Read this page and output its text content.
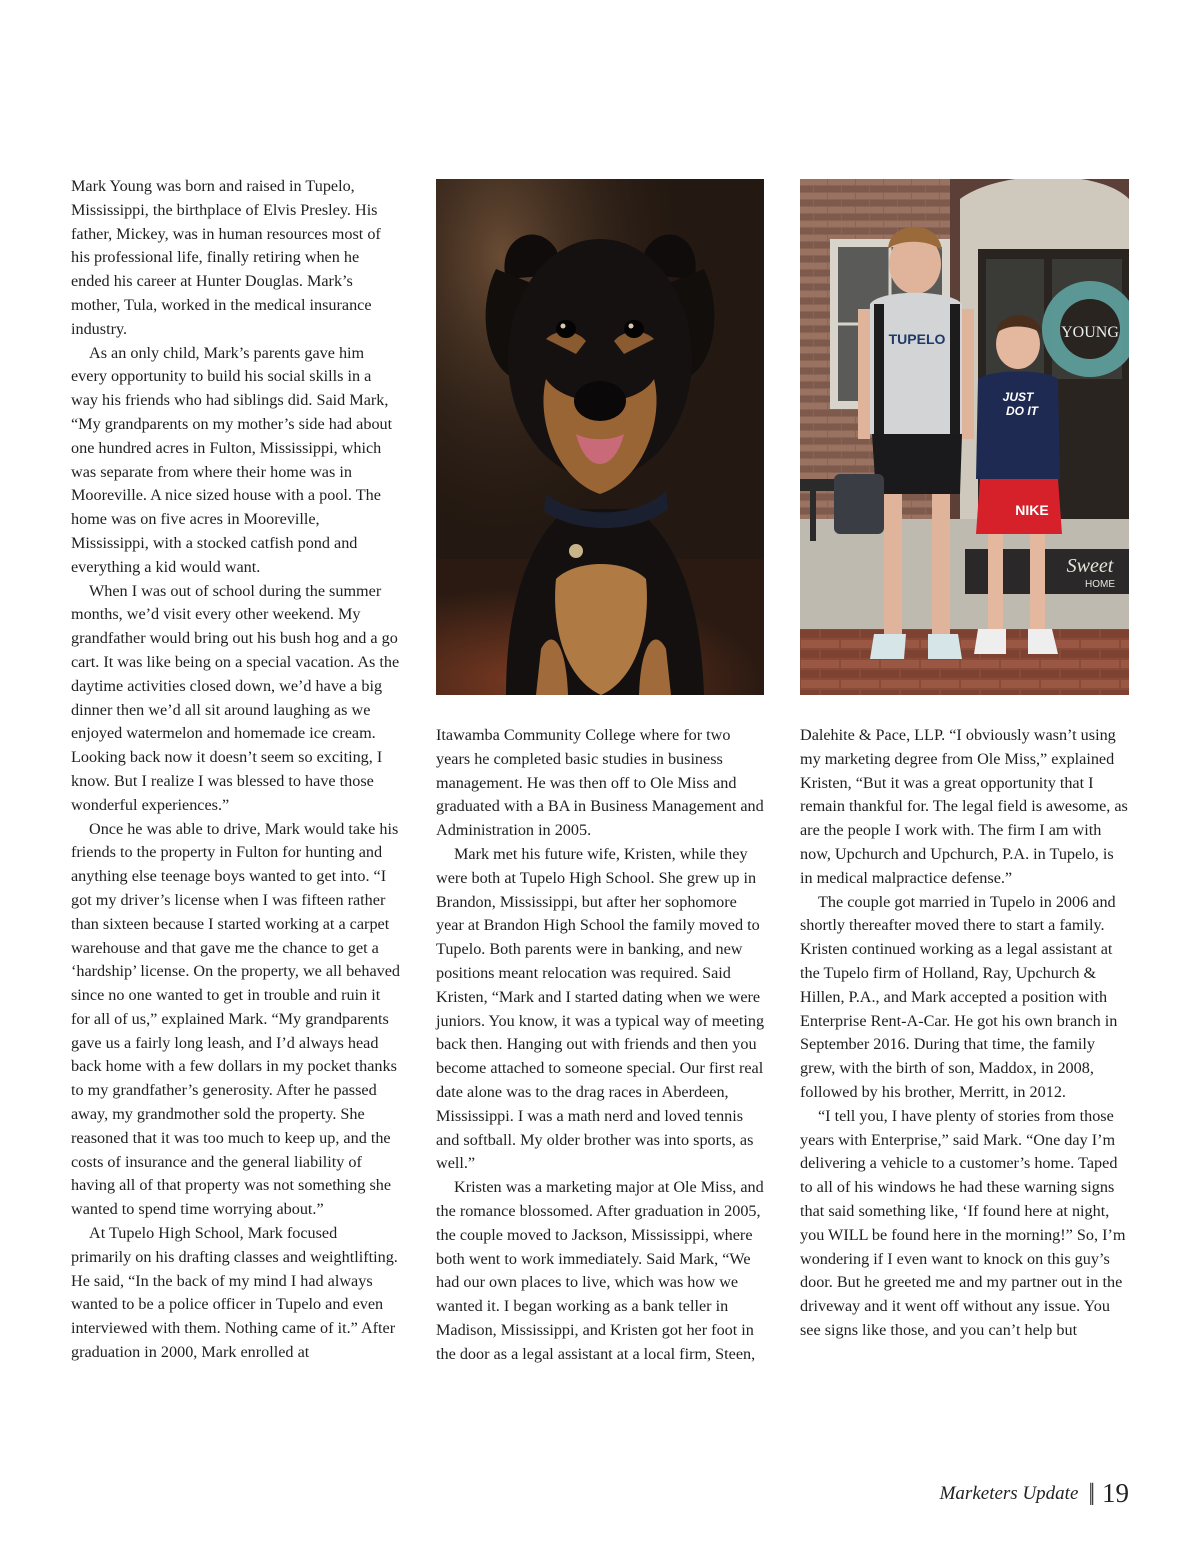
Mark Young was born and raised in Tupelo, Mississippi, the birthplace of Elvis Presley. His father, Mickey, was in human resources most of his professional life, finally retiring when he ended his career at Hunter Douglas. Mark’s mother, Tula, worked in the medical insurance industry.

As an only child, Mark’s parents gave him every opportunity to build his social skills in a way his friends who had siblings did. Said Mark, “My grandparents on my mother’s side had about one hundred acres in Fulton, Mississippi, which was separate from where their home was in Mooreville. A nice sized house with a pool. The home was on five acres in Mooreville, Mississippi, with a stocked catfish pond and everything a kid would want.

When I was out of school during the summer months, we’d visit every other weekend. My grandfather would bring out his bush hog and a go cart. It was like being on a special vacation. As the daytime activities closed down, we’d have a big dinner then we’d all sit around laughing as we enjoyed watermelon and homemade ice cream. Looking back now it doesn’t seem so exciting, I know. But I realize I was blessed to have those wonderful experiences.”

Once he was able to drive, Mark would take his friends to the property in Fulton for hunting and anything else teenage boys wanted to get into. “I got my driver’s license when I was fifteen rather than sixteen because I started working at a carpet warehouse and that gave me the chance to get a ‘hardship’ license. On the property, we all behaved since no one wanted to get in trouble and ruin it for all of us,” explained Mark. “My grandparents gave us a fairly long leash, and I’d always head back home with a few dollars in my pocket thanks to my grandfather’s generosity. After he passed away, my grandmother sold the property. She reasoned that it was too much to keep up, and the costs of insurance and the general liability of having all of that property was not something she wanted to spend time worrying about.”

At Tupelo High School, Mark focused primarily on his drafting classes and weightlifting. He said, “In the back of my mind I had always wanted to be a police officer in Tupelo and even interviewed with them. Nothing came of it.” After graduation in 2000, Mark enrolled at

YOUNG
Sweet
HOME
TUPELO
JUST
DO IT
NIKE

Itawamba Community College where for two years he completed basic studies in business management. He was then off to Ole Miss and graduated with a BA in Business Management and Administration in 2005.

Mark met his future wife, Kristen, while they were both at Tupelo High School. She grew up in Brandon, Mississippi, but after her sophomore year at Brandon High School the family moved to Tupelo. Both parents were in banking, and new positions meant relocation was required. Said Kristen, “Mark and I started dating when we were juniors. You know, it was a typical way of meeting back then. Hanging out with friends and then you become attached to someone special. Our first real date alone was to the drag races in Aberdeen, Mississippi. I was a math nerd and loved tennis and softball. My older brother was into sports, as well.”

Kristen was a marketing major at Ole Miss, and the romance blossomed. After graduation in 2005, the couple moved to Jackson, Mississippi, where both went to work immediately. Said Mark, “We had our own places to live, which was how we wanted it. I began working as a bank teller in Madison, Mississippi, and Kristen got her foot in the door as a legal assistant at a local firm, Steen,

Dalehite & Pace, LLP. “I obviously wasn’t using my marketing degree from Ole Miss,” explained Kristen, “But it was a great opportunity that I remain thankful for. The legal field is awesome, as are the people I work with. The firm I am with now, Upchurch and Upchurch, P.A. in Tupelo, is in medical malpractice defense.”

The couple got married in Tupelo in 2006 and shortly thereafter moved there to start a family. Kristen continued working as a legal assistant at the Tupelo firm of Holland, Ray, Upchurch & Hillen, P.A., and Mark accepted a position with Enterprise Rent-A-Car. He got his own branch in September 2016. During that time, the family grew, with the birth of son, Maddox, in 2008, followed by his brother, Merritt, in 2012.

“I tell you, I have plenty of stories from those years with Enterprise,” said Mark. “One day I’m delivering a vehicle to a customer’s home. Taped to all of his windows he had these warning signs that said something like, ‘If found here at night, you WILL be found here in the morning!” So, I’m wondering if I even want to knock on this guy’s door. But he greeted me and my partner out in the driveway and it went off without any issue. You see signs like those, and you can’t help but

Marketers Update || 19
